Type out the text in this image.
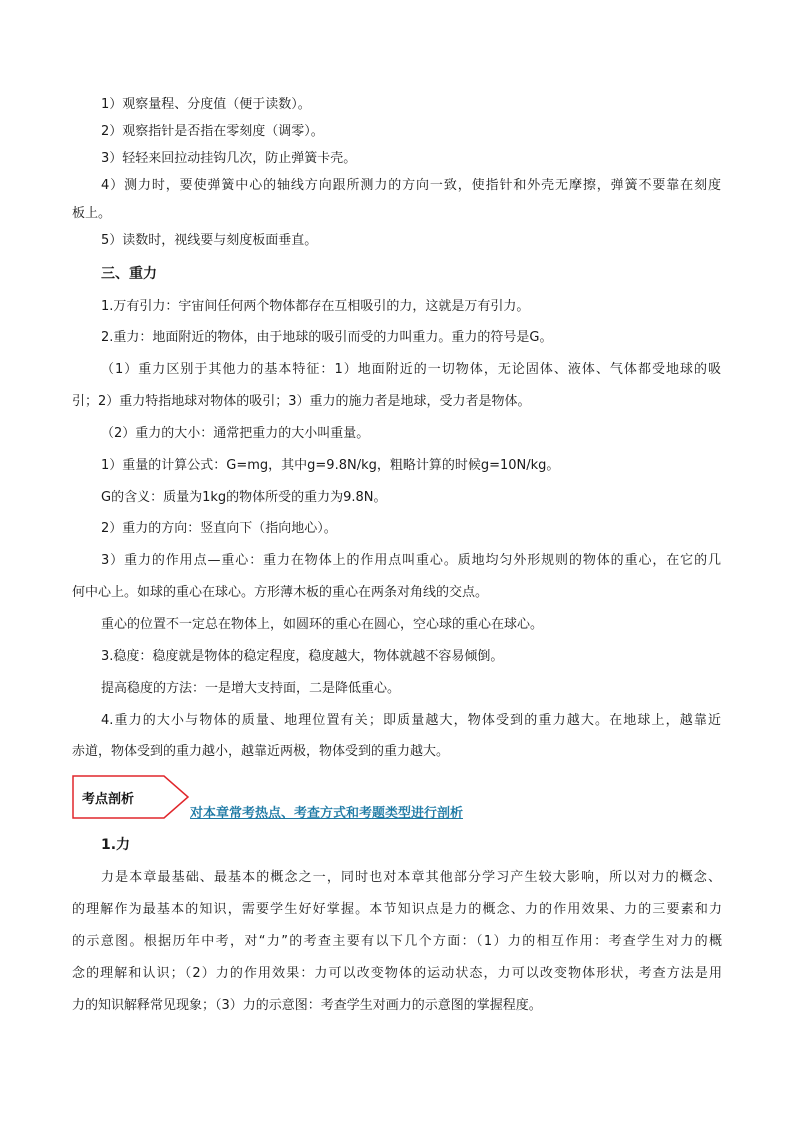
1）观察量程、分度值（便于读数）。

2）观察指针是否指在零刻度（调零）。

3）轻轻来回拉动挂钩几次，防止弹簧卡壳。

4）测力时，要使弹簧中心的轴线方向跟所测力的方向一致，使指针和外壳无摩擦，弹簧不要靠在刻度

板上。

5）读数时，视线要与刻度板面垂直。

三、重力

1.万有引力：宇宙间任何两个物体都存在互相吸引的力，这就是万有引力。

2.重力：地面附近的物体，由于地球的吸引而受的力叫重力。重力的符号是G。

（1）重力区别于其他力的基本特征：1）地面附近的一切物体，无论固体、液体、气体都受地球的吸

引；2）重力特指地球对物体的吸引；3）重力的施力者是地球，受力者是物体。

（2）重力的大小：通常把重力的大小叫重量。

1）重量的计算公式：G=mg，其中g=9.8N/kg，粗略计算的时候g=10N/kg。

G的含义：质量为1kg的物体所受的重力为9.8N。

2）重力的方向：竖直向下（指向地心）。

3）重力的作用点—重心：重力在物体上的作用点叫重心。质地均匀外形规则的物体的重心，在它的几

何中心上。如球的重心在球心。方形薄木板的重心在两条对角线的交点。

重心的位置不一定总在物体上，如圆环的重心在圆心，空心球的重心在球心。

3.稳度：稳度就是物体的稳定程度，稳度越大，物体就越不容易倾倒。

提高稳度的方法：一是增大支持面，二是降低重心。

4.重力的大小与物体的质量、地理位置有关；即质量越大，物体受到的重力越大。在地球上，越靠近

赤道，物体受到的重力越小，越靠近两极，物体受到的重力越大。

考点剖析
对本章常考热点、考查方式和考题类型进行剖析
1.力

力是本章最基础、最基本的概念之一，同时也对本章其他部分学习产生较大影响，所以对力的概念、

的理解作为最基本的知识，需要学生好好掌握。本节知识点是力的概念、力的作用效果、力的三要素和力

的示意图。根据历年中考，对“力”的考查主要有以下几个方面：（1）力的相互作用：考查学生对力的概

念的理解和认识；（2）力的作用效果：力可以改变物体的运动状态，力可以改变物体形状，考查方法是用

力的知识解释常见现象；（3）力的示意图：考查学生对画力的示意图的掌握程度。
